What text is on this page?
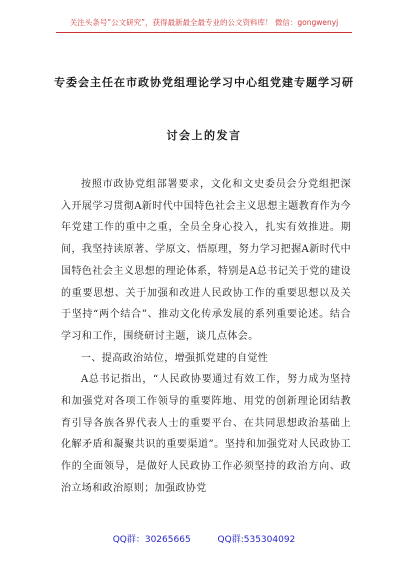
关注头条号“公文研究”，获得最新最全最专业的公文资料库！ 微信：gongwenyj
专委会主任在市政协党组理论学习中心组党建专题学习研
讨会上的发言

按照市政协党组部署要求，文化和文史委员会分党组把深入开展学习贯彻A新时代中国特色社会主义思想主题教育作为今年党建工作的重中之重，全员全身心投入，扎实有效推进。期间，我坚持读原著、学原文、悟原理，努力学习把握A新时代中国特色社会主义思想的理论体系，特别是A总书记关于党的建设的重要思想、关于加强和改进人民政协工作的重要思想以及关于坚持“两个结合”、推动文化传承发展的系列重要论述。结合学习和工作，围绕研讨主题，谈几点体会。

一、提高政治站位，增强抓党建的自觉性

A总书记指出，“人民政协要通过有效工作，努力成为坚持和加强党对各项工作领导的重要阵地、用党的创新理论团结教育引导各族各界代表人士的重要平台、在共同思想政治基础上化解矛盾和凝聚共识的重要渠道”。坚持和加强党对人民政协工作的全面领导，是做好人民政协工作必须坚持的政治方向、政治立场和政治原则；加强政协党

QQ群：30265665	QQ群:535304092
